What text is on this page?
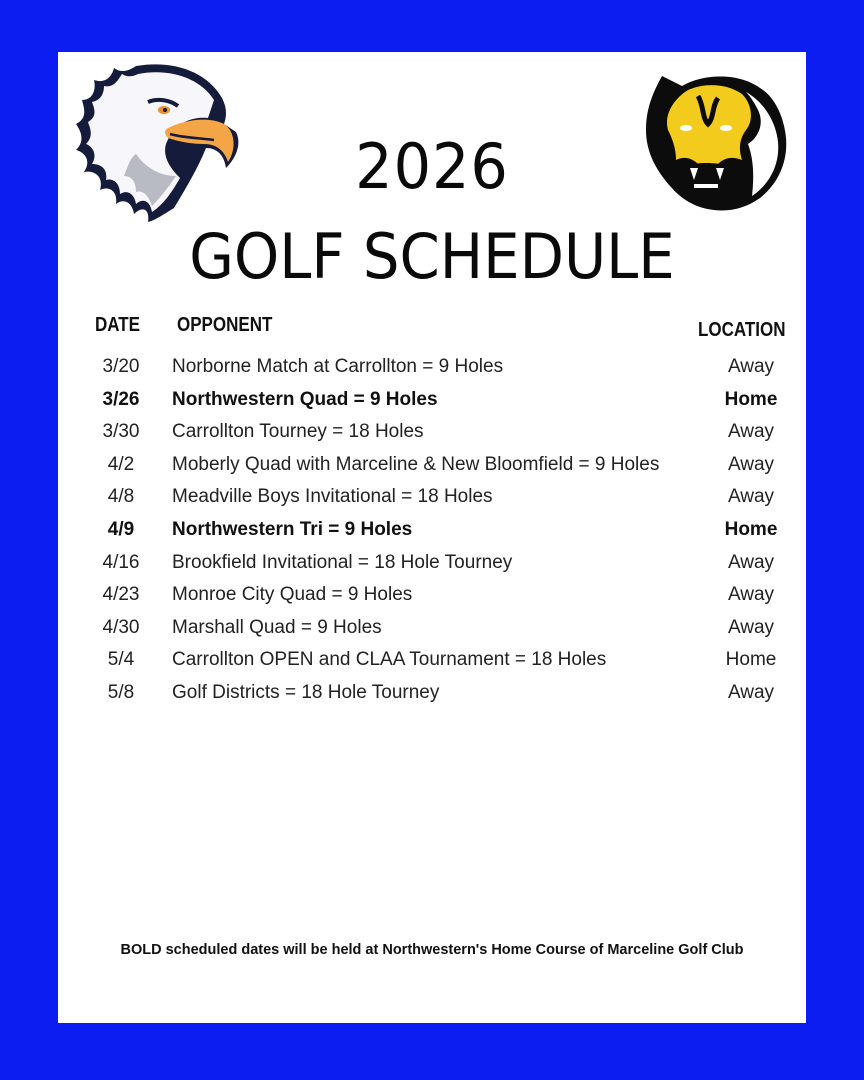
2026
GOLF SCHEDULE
DATE OPPONENT	LOCATION
3/20	Norborne Match at Carrollton = 9 Holes	Away
3/26	Northwestern Quad = 9 Holes	Home
3/30	Carrollton Tourney = 18 Holes	Away
4/2	Moberly Quad with Marceline & New Bloomfield = 9 Holes	Away
4/8	Meadville Boys Invitational = 18 Holes	Away
4/9	Northwestern Tri = 9 Holes	Home
4/16	Brookfield Invitational = 18 Hole Tourney	Away
4/23	Monroe City Quad = 9 Holes	Away
4/30	Marshall Quad = 9 Holes	Away
5/4	Carrollton OPEN and CLAA Tournament = 18 Holes	Home
5/8	Golf Districts = 18 Hole Tourney	Away
BOLD scheduled dates will be held at Northwestern's Home Course of Marceline Golf Club
